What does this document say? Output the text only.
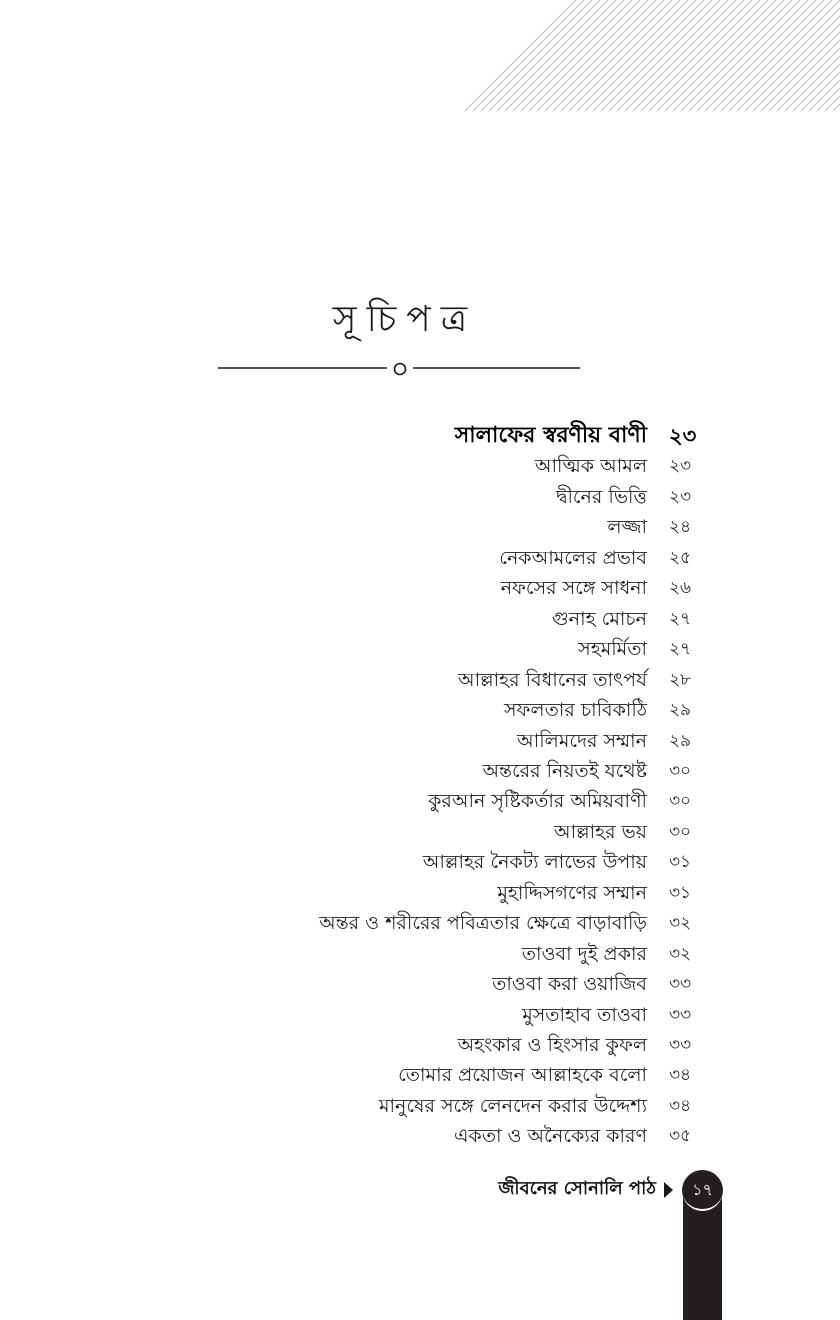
সূচিপত্র
সালাফের স্বরণীয় বাণী ২৩
আত্মিক আমল ২৩
দ্বীনের ভিত্তি ২৩
লজ্জা ২৪
নেকআমলের প্রভাব ২৫
নফসের সঙ্গে সাধনা ২৬
গুনাহ মোচন ২৭
সহমর্মিতা ২৭
আল্লাহর বিধানের তাৎপর্য ২৮
সফলতার চাবিকাঠি ২৯
আলিমদের সম্মান ২৯
অন্তরের নিয়তই যথেষ্ট ৩০
কুরআন সৃষ্টিকর্তার অমিয়বাণী ৩০
আল্লাহর ভয় ৩০
আল্লাহর নৈকট্য লাভের উপায় ৩১
মুহাদ্দিসগণের সম্মান ৩১
অন্তর ও শরীরের পবিত্রতার ক্ষেত্রে বাড়াবাড়ি ৩২
তাওবা দুই প্রকার ৩২
তাওবা করা ওয়াজিব ৩৩
মুসতাহাব তাওবা ৩৩
অহংকার ও হিংসার কুফল ৩৩
তোমার প্রয়োজন আল্লাহকে বলো ৩৪
মানুষের সঙ্গে লেনদেন করার উদ্দেশ্য ৩৪
একতা ও অনৈক্যের কারণ ৩৫
জীবনের সোনালি পাঠ	১৭
